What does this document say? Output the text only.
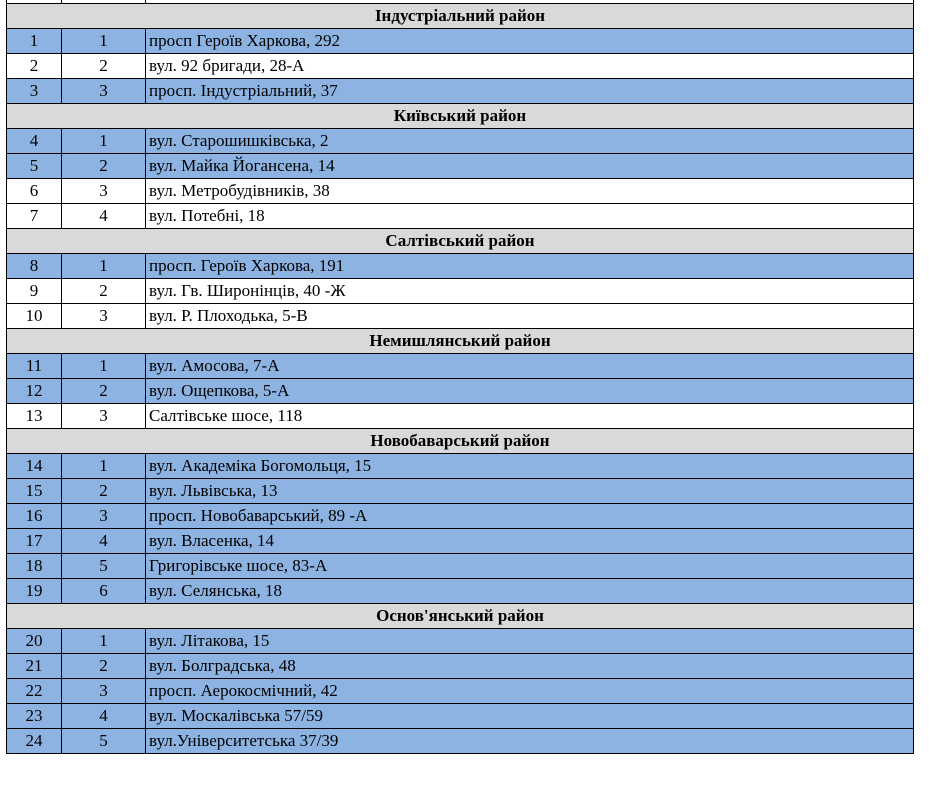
Індустріальний район		
1	1	просп Героїв Харкова, 292
2	2	вул. 92 бригади, 28-А
3	3	просп. Індустріальний, 37
Київський район		
4	1	вул. Старошишківська, 2
5	2	вул. Майка Йогансена, 14
6	3	вул. Метробудівників, 38
7	4	вул. Потебні, 18
Салтівський район		
8	1	просп. Героїв Харкова, 191
9	2	вул. Гв. Широнінців, 40 -Ж
10	3	вул. Р. Плоходька, 5-В
Немишлянський район		
11	1	вул. Амосова, 7-А
12	2	вул. Ощепкова, 5-А
13	3	Салтівське шосе, 118
Новобаварський район		
14	1	вул. Академіка Богомольця, 15
15	2	вул. Львівська, 13
16	3	просп. Новобаварський, 89 -А
17	4	вул. Власенка, 14
18	5	Григорівське шосе, 83-А
19	6	вул. Селянська, 18
Основ'янський район		
20	1	вул. Літакова, 15
21	2	вул. Болградська, 48
22	3	просп. Аерокосмічний, 42
23	4	вул. Москалівська 57/59
24	5	вул.Університетська 37/39
